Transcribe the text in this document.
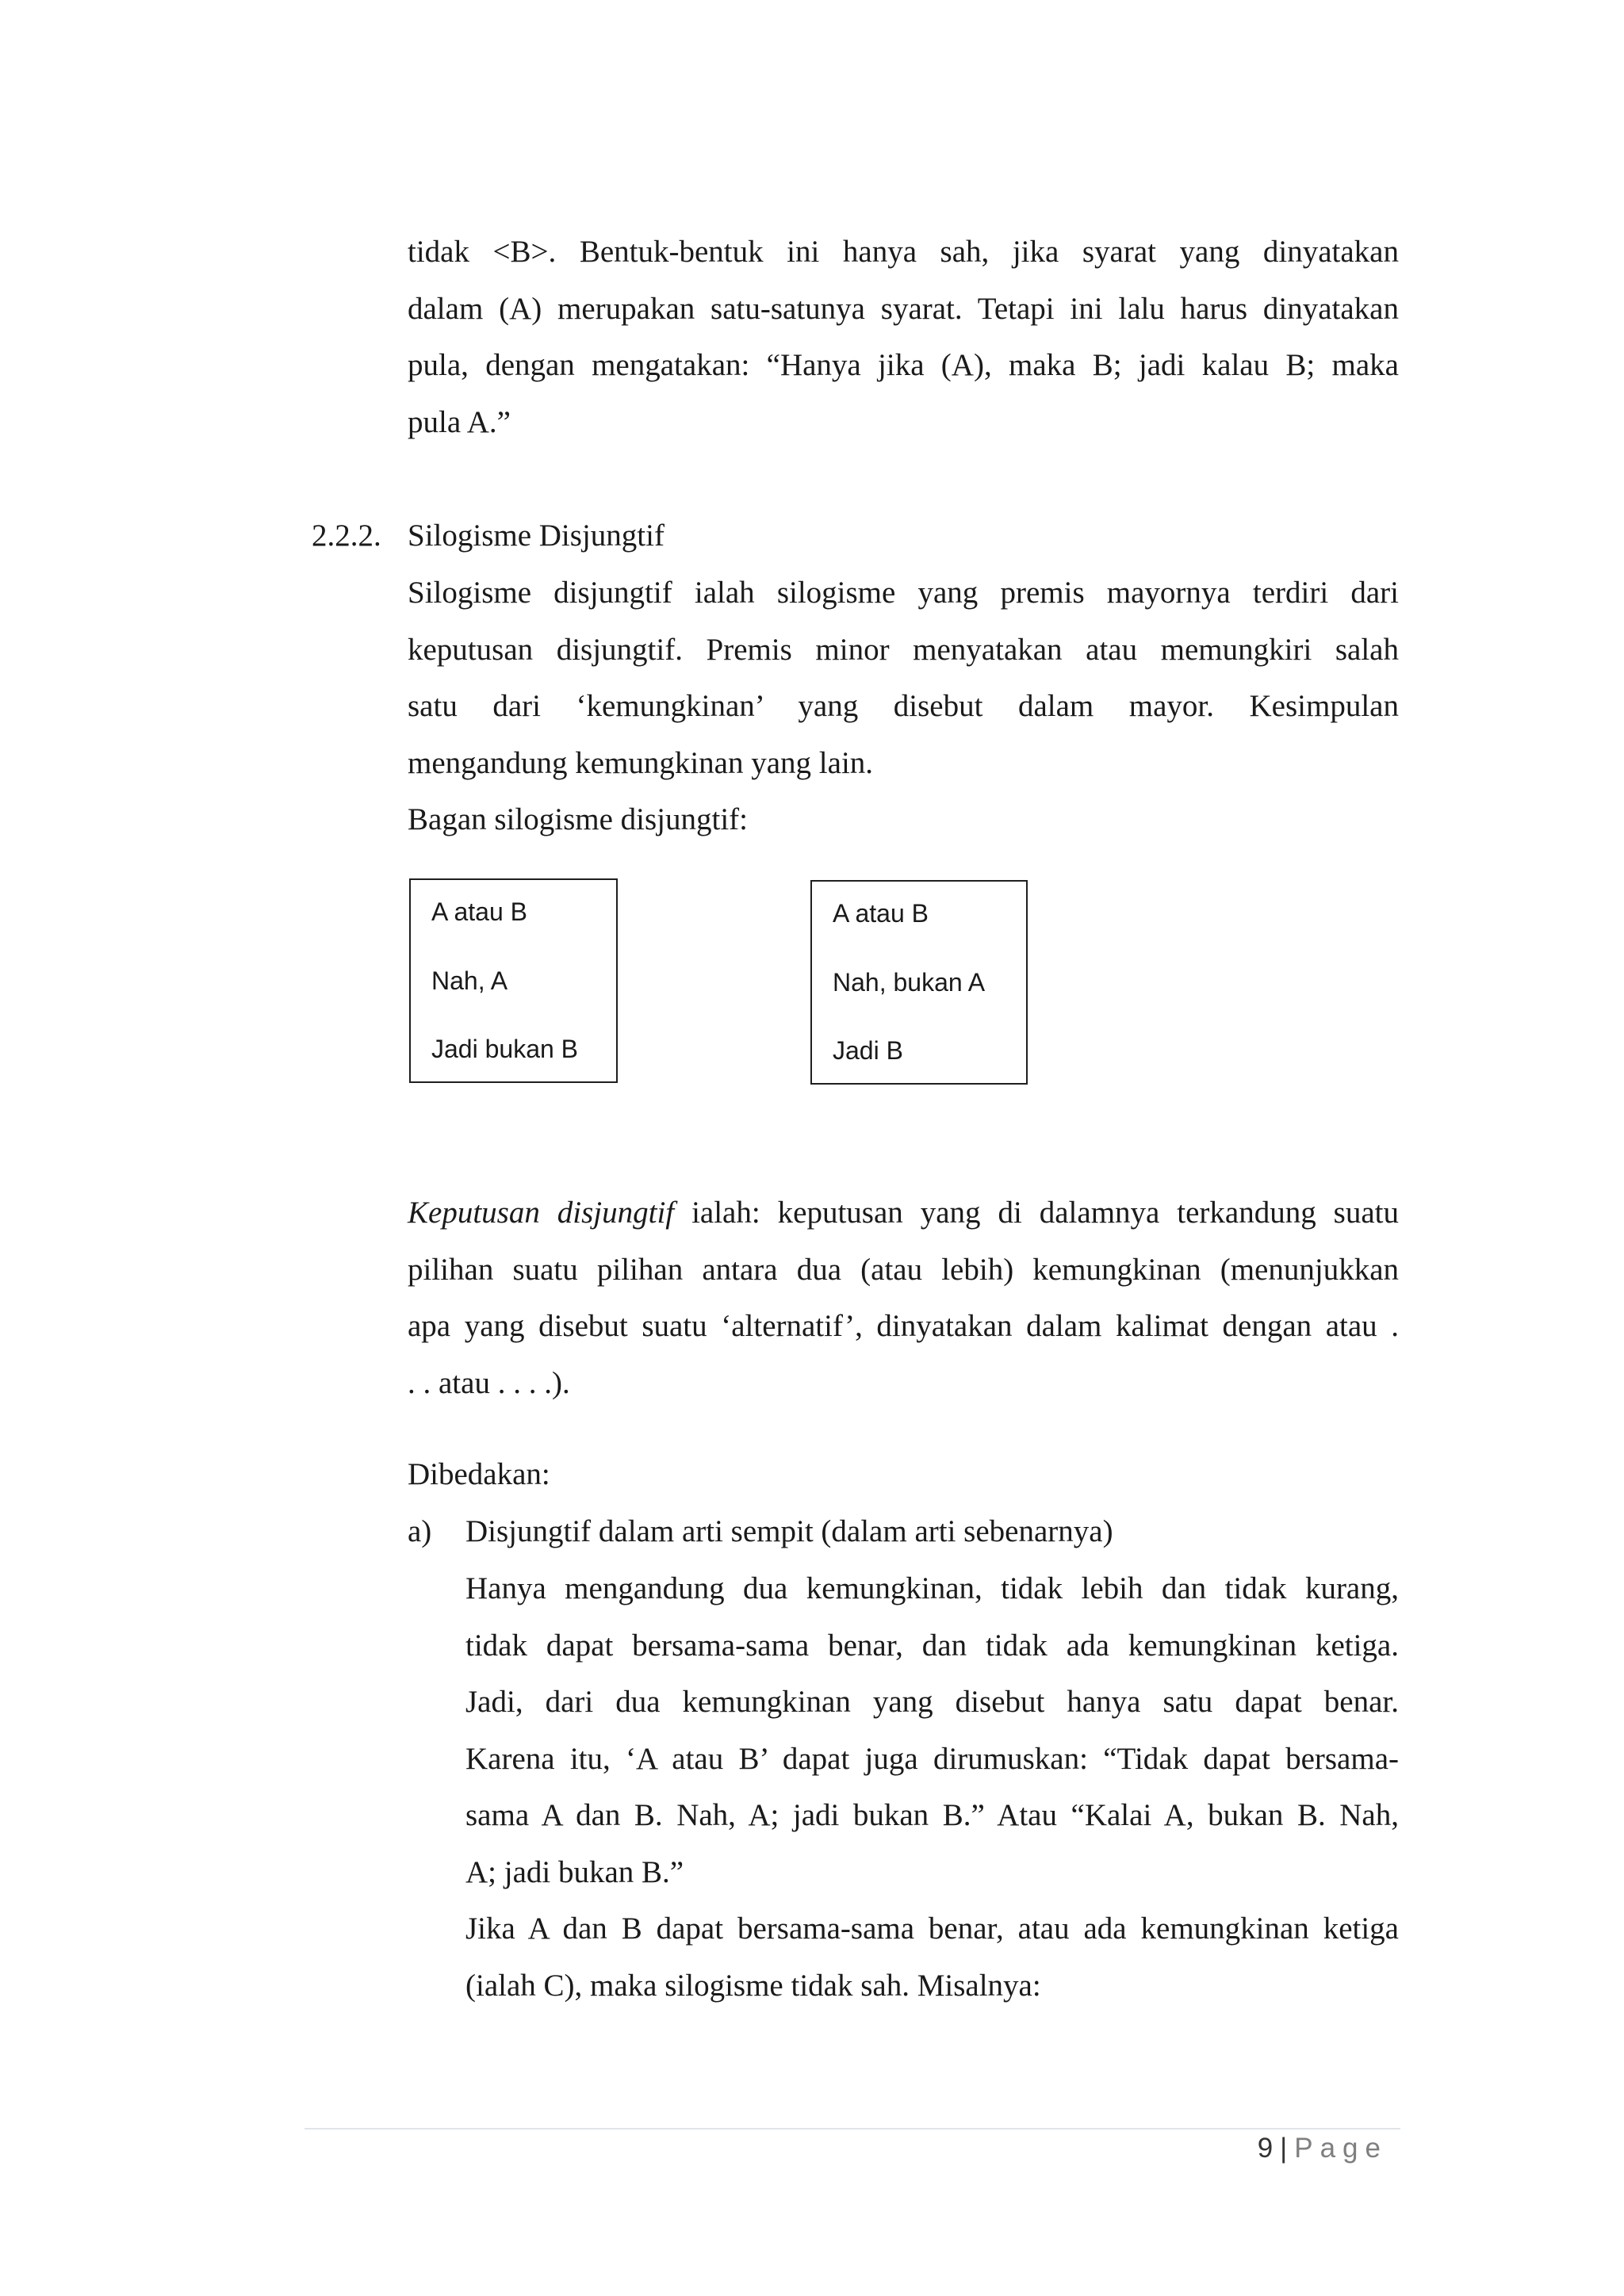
tidak <B>. Bentuk-bentuk ini hanya sah, jika syarat yang dinyatakan
dalam (A) merupakan satu-satunya syarat. Tetapi ini lalu harus dinyatakan
pula, dengan mengatakan: “Hanya jika (A), maka B; jadi kalau B; maka
pula A.”
2.2.2. Silogisme Disjungtif
Silogisme disjungtif ialah silogisme yang premis mayornya terdiri dari
keputusan disjungtif. Premis minor menyatakan atau memungkiri salah
satu dari ‘kemungkinan’ yang disebut dalam mayor. Kesimpulan
mengandung kemungkinan yang lain.
Bagan silogisme disjungtif:
A atau B
Nah, A
Jadi bukan B
A atau B
Nah, bukan A
Jadi B
Keputusan disjungtif ialah: keputusan yang di dalamnya terkandung suatu
pilihan suatu pilihan antara dua (atau lebih) kemungkinan (menunjukkan
apa yang disebut suatu ‘alternatif’, dinyatakan dalam kalimat dengan atau .
. . atau . . . .).
Dibedakan:
a) Disjungtif dalam arti sempit (dalam arti sebenarnya)
Hanya mengandung dua kemungkinan, tidak lebih dan tidak kurang,
tidak dapat bersama-sama benar, dan tidak ada kemungkinan ketiga.
Jadi, dari dua kemungkinan yang disebut hanya satu dapat benar.
Karena itu, ‘A atau B’ dapat juga dirumuskan: “Tidak dapat bersama-
sama A dan B. Nah, A; jadi bukan B.” Atau “Kalai A, bukan B. Nah,
A; jadi bukan B.”
Jika A dan B dapat bersama-sama benar, atau ada kemungkinan ketiga
(ialah C), maka silogisme tidak sah. Misalnya:
9 | Page
